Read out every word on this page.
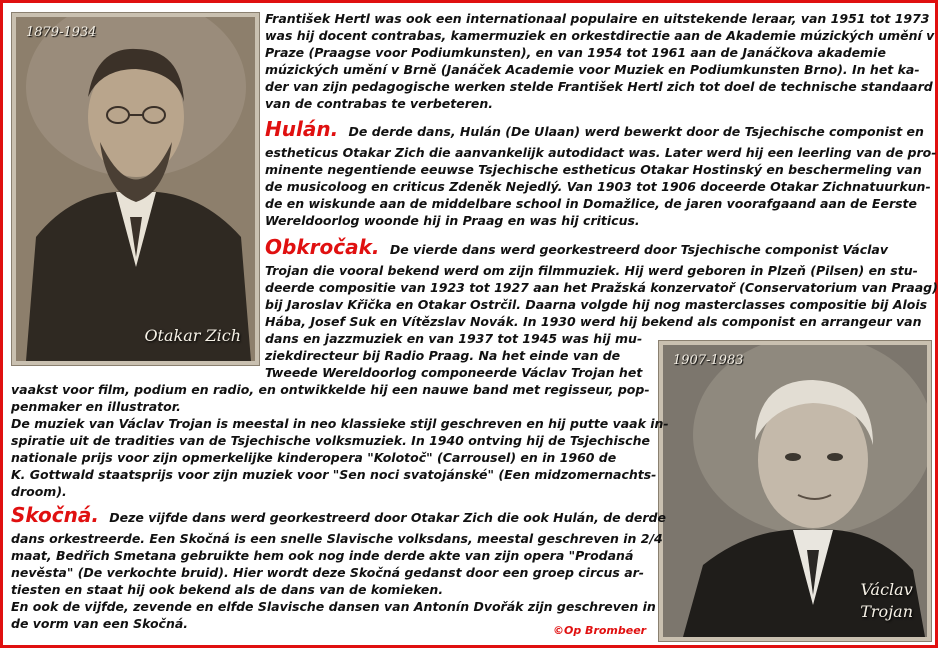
1879-1934
Otakar Zich
1907-1983
Václav
Trojan
František Hertl was ook een internationaal populaire en uitstekende leraar, van 1951 tot 1973
was hij docent contrabas, kamermuziek en orkestdirectie aan de Akademie múzických umění v
Praze (Praagse voor Podiumkunsten), en van 1954 tot 1961 aan de Janáčkova akademie
múzických umění v Brně (Janáček Academie voor Muziek en Podiumkunsten Brno). In het ka-
der van zijn pedagogische werken stelde František Hertl zich tot doel de technische standaard
van de contrabas te verbeteren.
Hulán. De derde dans, Hulán (De Ulaan) werd bewerkt door de Tsjechische componist en
estheticus Otakar Zich die aanvankelijk autodidact was. Later werd hij een leerling van de pro-
minente negentiende eeuwse Tsjechische estheticus Otakar Hostinský en beschermeling van
de musicoloog en criticus Zdeněk Nejedlý. Van 1903 tot 1906 doceerde Otakar Zichnatuurkun-
de en wiskunde aan de middelbare school in Domažlice, de jaren voorafgaand aan de Eerste
Wereldoorlog woonde hij in Praag en was hij criticus.
Obkročak. De vierde dans werd georkestreerd door Tsjechische componist Václav
Trojan die vooral bekend werd om zijn filmmuziek. Hij werd geboren in Plzeň (Pilsen) en stu-
deerde compositie van 1923 tot 1927 aan het Pražská konzervatoř (Conservatorium van Praag)
bij Jaroslav Křička en Otakar Ostrčil. Daarna volgde hij nog masterclasses compositie bij Alois
Hába, Josef Suk en Vítězslav Novák. In 1930 werd hij bekend als componist en arrangeur van
dans en jazzmuziek en van 1937 tot 1945 was hij mu-
ziekdirecteur bij Radio Praag. Na het einde van de
Tweede Wereldoorlog componeerde Václav Trojan het
vaakst voor film, podium en radio, en ontwikkelde hij een nauwe band met regisseur, pop-
penmaker en illustrator.
De muziek van Václav Trojan is meestal in neo klassieke stijl geschreven en hij putte vaak in-
spiratie uit de tradities van de Tsjechische volksmuziek. In 1940 ontving hij de Tsjechische
nationale prijs voor zijn opmerkelijke kinderopera "Kolotoč" (Carrousel) en in 1960 de
K. Gottwald staatsprijs voor zijn muziek voor "Sen noci svatojánské" (Een midzomernachts-
droom).
Skočná. Deze vijfde dans werd georkestreerd door Otakar Zich die ook Hulán, de derde
dans orkestreerde. Een Skočná is een snelle Slavische volksdans, meestal geschreven in 2/4
maat, Bedřich Smetana gebruikte hem ook nog inde derde akte van zijn opera "Prodaná
nevěsta" (De verkochte bruid). Hier wordt deze Skočná gedanst door een groep circus ar-
tiesten en staat hij ook bekend als de dans van de komieken.
En ook de vijfde, zevende en elfde Slavische dansen van Antonín Dvořák zijn geschreven in
de vorm van een Skočná.	©Op Brombeer
